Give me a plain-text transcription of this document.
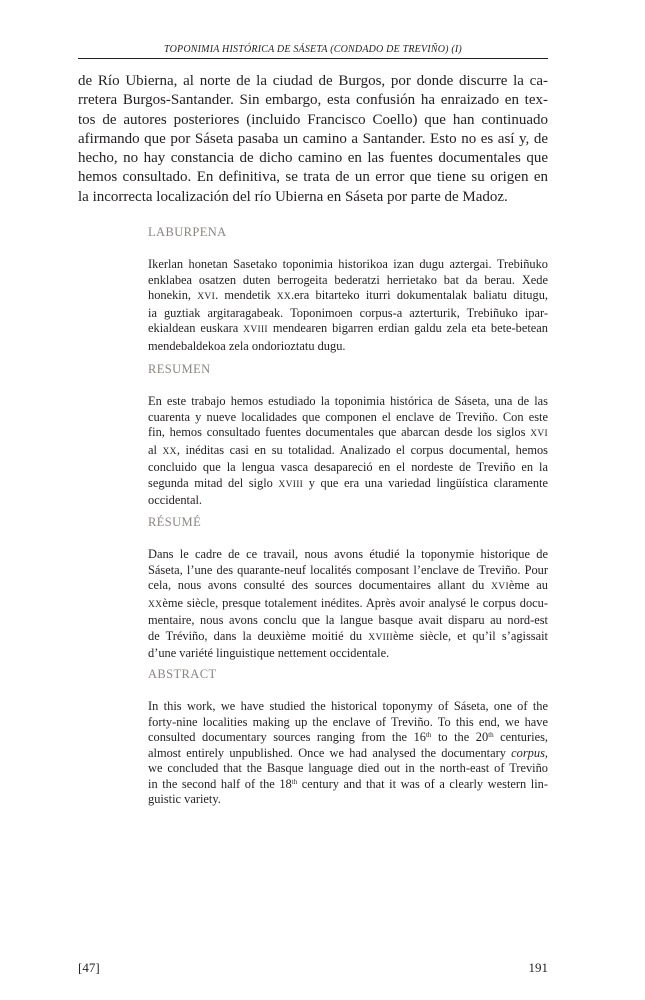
TOPONIMIA HISTÓRICA DE SÁSETA (CONDADO DE TREVIÑO) (I)
de Río Ubierna, al norte de la ciudad de Burgos, por donde discurre la ca-
rretera Burgos-Santander. Sin embargo, esta confusión ha enraizado en tex-
tos de autores posteriores (incluido Francisco Coello) que han continuado
afirmando que por Sáseta pasaba un camino a Santander. Esto no es así y, de
hecho, no hay constancia de dicho camino en las fuentes documentales que
hemos consultado. En definitiva, se trata de un error que tiene su origen en
la incorrecta localización del río Ubierna en Sáseta por parte de Madoz.
LABURPENA
Ikerlan honetan Sasetako toponimia historikoa izan dugu aztergai. Trebiñuko
enklabea osatzen duten berrogeita bederatzi herrietako bat da berau. Xede
honekin, XVI. mendetik XX.era bitarteko iturri dokumentalak baliatu ditugu,
ia guztiak argitaragabeak. Toponimoen corpus-a azterturik, Trebiñuko ipar-
ekialdean euskara XVIII mendearen bigarren erdian galdu zela eta bete-betean
mendebaldekoa zela ondorioztatu dugu.
RESUMEN
En este trabajo hemos estudiado la toponimia histórica de Sáseta, una de las
cuarenta y nueve localidades que componen el enclave de Treviño. Con este
fin, hemos consultado fuentes documentales que abarcan desde los siglos XVI
al XX, inéditas casi en su totalidad. Analizado el corpus documental, hemos
concluido que la lengua vasca desapareció en el nordeste de Treviño en la
segunda mitad del siglo XVIII y que era una variedad lingüística claramente
occidental.
RÉSUMÉ
Dans le cadre de ce travail, nous avons étudié la toponymie historique de
Sáseta, l’une des quarante-neuf localités composant l’enclave de Treviño. Pour
cela, nous avons consulté des sources documentaires allant du XVIème au
XXème siècle, presque totalement inédites. Après avoir analysé le corpus docu-
mentaire, nous avons conclu que la langue basque avait disparu au nord-est
de Tréviño, dans la deuxième moitié du XVIIIème siècle, et qu’il s’agissait
d’une variété linguistique nettement occidentale.
ABSTRACT
In this work, we have studied the historical toponymy of Sáseta, one of the
forty-nine localities making up the enclave of Treviño. To this end, we have
consulted documentary sources ranging from the 16th to the 20th centuries,
almost entirely unpublished. Once we had analysed the documentary corpus,
we concluded that the Basque language died out in the north-east of Treviño
in the second half of the 18th century and that it was of a clearly western lin-
guistic variety.
[47]	191
